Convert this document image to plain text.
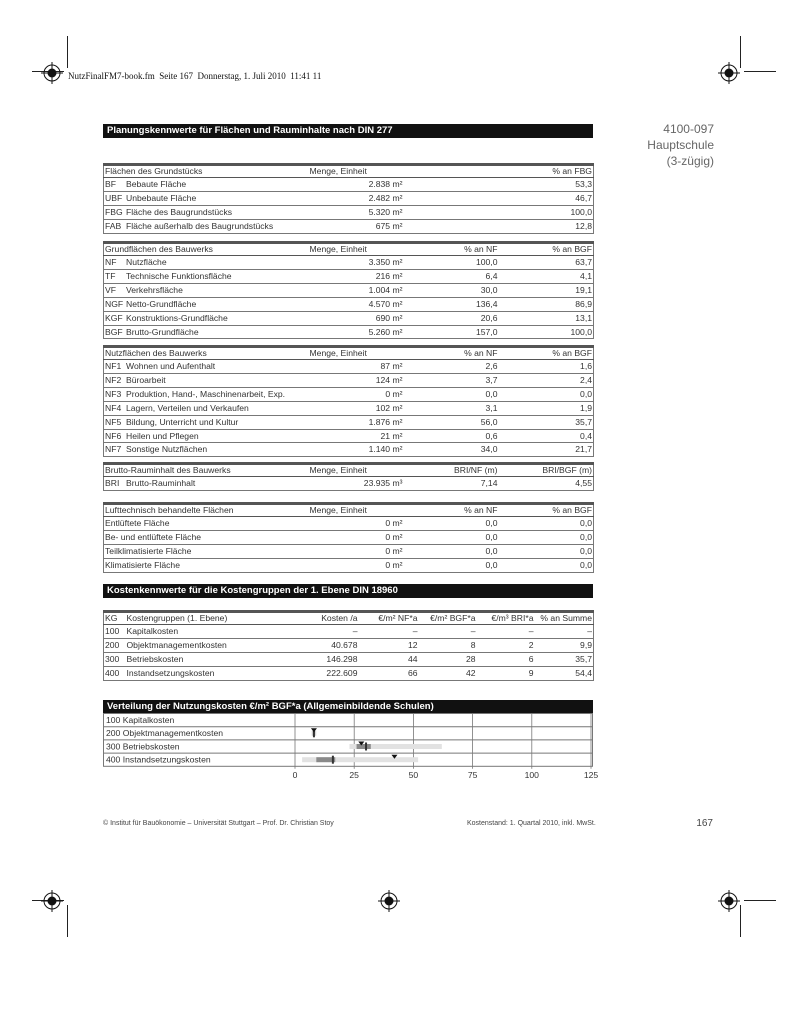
NutzFinalFM7-book.fm Seite 167 Donnerstag, 1. Juli 2010 11:41 11
4100-097
Hauptschule
(3-zügig)
Planungskennwerte für Flächen und Rauminhalte nach DIN 277
Flächen des Grundstücks	Menge, Einheit		% an FBG
BF Bebaute Fläche	2.838 m²		53,3
UBF Unbebaute Fläche	2.482 m²		46,7
FBG Fläche des Baugrundstücks	5.320 m²		100,0
FAB Fläche außerhalb des Baugrundstücks	675 m²		12,8
Grundflächen des Bauwerks	Menge, Einheit	% an NF	% an BGF
NF Nutzfläche	3.350 m²	100,0	63,7
TF Technische Funktionsfläche	216 m²	6,4	4,1
VF Verkehrsfläche	1.004 m²	30,0	19,1
NGF Netto-Grundfläche	4.570 m²	136,4	86,9
KGF Konstruktions-Grundfläche	690 m²	20,6	13,1
BGF Brutto-Grundfläche	5.260 m²	157,0	100,0
Nutzflächen des Bauwerks	Menge, Einheit	% an NF	% an BGF
NF1 Wohnen und Aufenthalt	87 m²	2,6	1,6
NF2 Büroarbeit	124 m²	3,7	2,4
NF3 Produktion, Hand-, Maschinenarbeit, Exp.	0 m²	0,0	0,0
NF4 Lagern, Verteilen und Verkaufen	102 m²	3,1	1,9
NF5 Bildung, Unterricht und Kultur	1.876 m²	56,0	35,7
NF6 Heilen und Pflegen	21 m²	0,6	0,4
NF7 Sonstige Nutzflächen	1.140 m²	34,0	21,7
Brutto-Rauminhalt des Bauwerks	Menge, Einheit	BRI/NF (m)	BRI/BGF (m)
BRI Brutto-Rauminhalt	23.935 m³	7,14	4,55
Lufttechnisch behandelte Flächen	Menge, Einheit	% an NF	% an BGF
Entlüftete Fläche	0 m²	0,0	0,0
Be- und entlüftete Fläche	0 m²	0,0	0,0
Teilklimatisierte Fläche	0 m²	0,0	0,0
Klimatisierte Fläche	0 m²	0,0	0,0
Kostenkennwerte für die Kostengruppen der 1. Ebene DIN 18960
KG	Kostengruppen (1. Ebene)	Kosten /a	€/m² NF*a	€/m² BGF*a	€/m³ BRI*a	% an Summe
100	Kapitalkosten	–	–	–	–	–
200	Objektmanagementkosten	40.678	12	8	2	9,9
300	Betriebskosten	146.298	44	28	6	35,7
400	Instandsetzungskosten	222.609	66	42	9	54,4
Verteilung der Nutzungskosten €/m² BGF*a (Allgemeinbildende Schulen)
100 Kapitalkosten
200 Objektmanagementkosten
300 Betriebskosten
400 Instandsetzungskosten
0	25	50	75	100	125
© Institut für Bauökonomie – Universität Stuttgart – Prof. Dr. Christian Stoy	Kostenstand: 1. Quartal 2010, inkl. MwSt.	167
